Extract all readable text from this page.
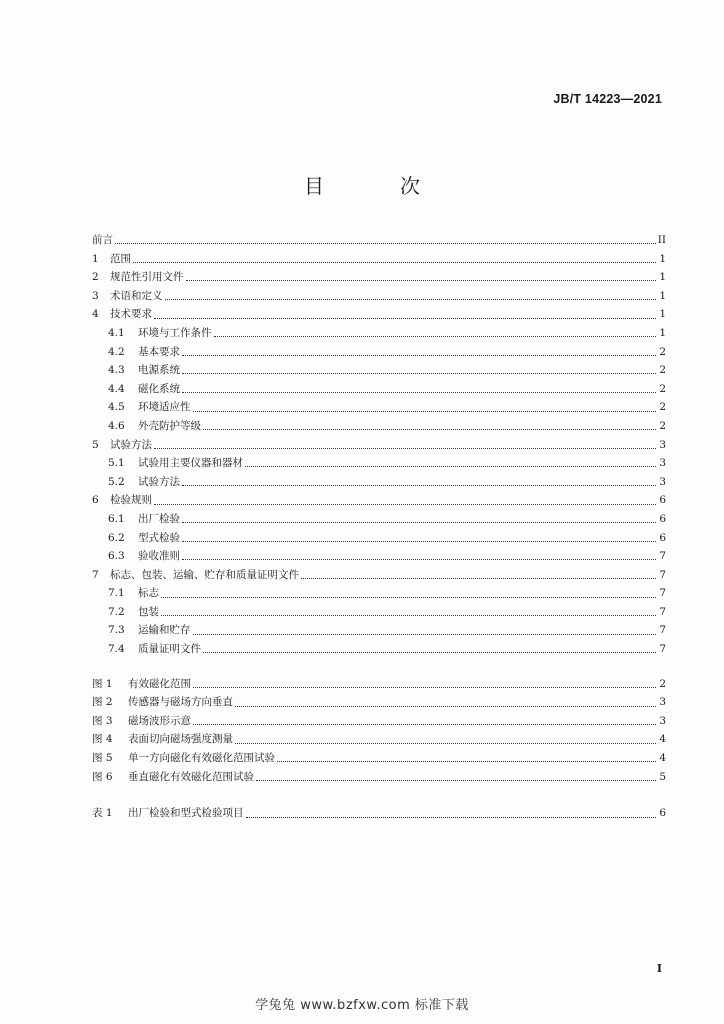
JB/T 14223—2021
目　次
前言	II
1	范围	1
2	规范性引用文件	1
3	术语和定义	1
4	技术要求	1
4.1	环境与工作条件	1
4.2	基本要求	2
4.3	电源系统	2
4.4	磁化系统	2
4.5	环境适应性	2
4.6	外壳防护等级	2
5	试验方法	3
5.1	试验用主要仪器和器材	3
5.2	试验方法	3
6	检验规则	6
6.1	出厂检验	6
6.2	型式检验	6
6.3	验收准则	7
7	标志、包装、运输、贮存和质量证明文件	7
7.1	标志	7
7.2	包装	7
7.3	运输和贮存	7
7.4	质量证明文件	7
图 1	有效磁化范围	2
图 2	传感器与磁场方向垂直	3
图 3	磁场波形示意	3
图 4	表面切向磁场强度测量	4
图 5	单一方向磁化有效磁化范围试验	4
图 6	垂直磁化有效磁化范围试验	5
表 1	出厂检验和型式检验项目	6
I
学兔兔 www.bzfxw.com 标准下载
